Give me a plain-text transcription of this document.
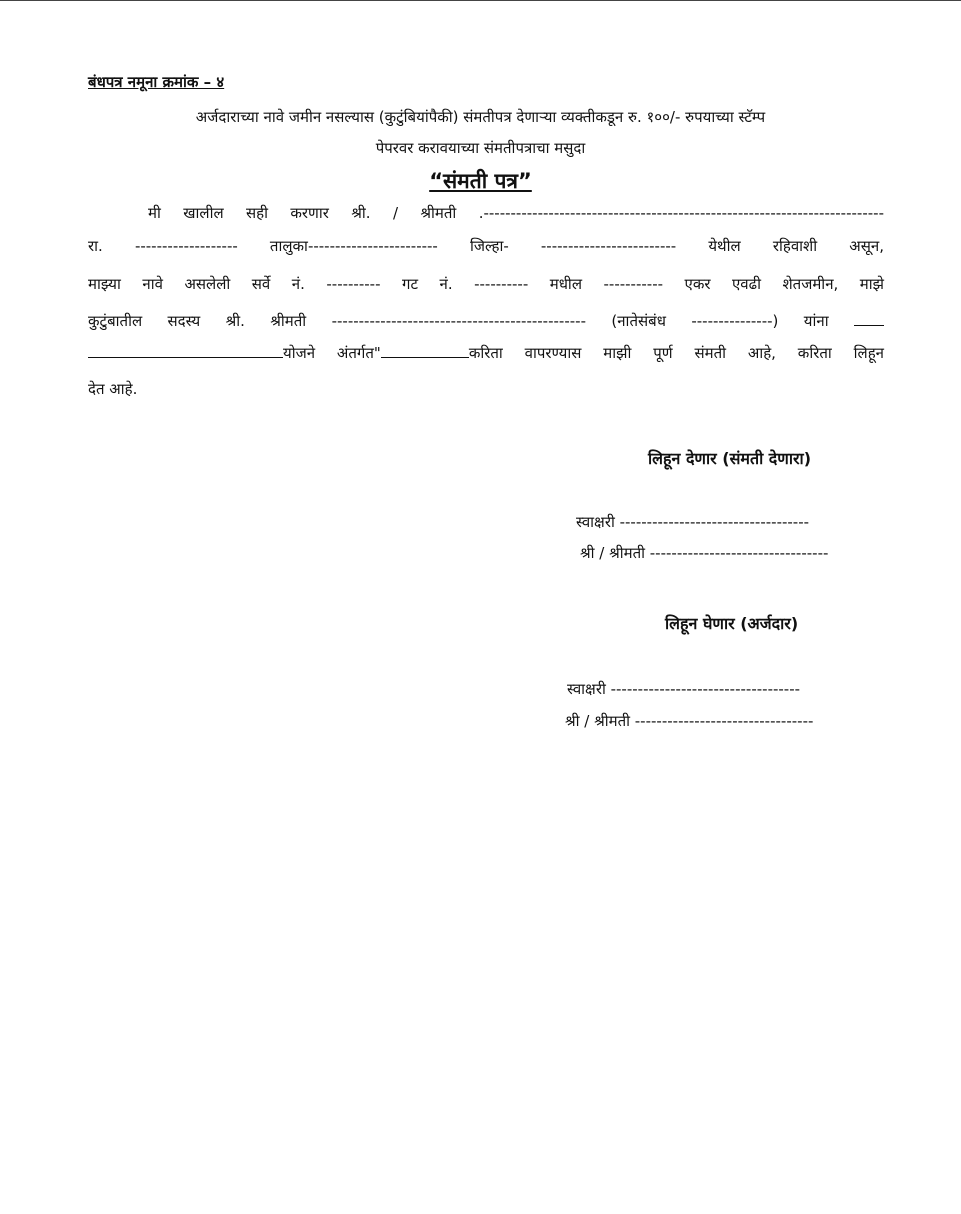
बंधपत्र नमूना क्रमांक – ४
अर्जदाराच्या नावे जमीन नसल्यास (कुटुंबियांपैकी) संमतीपत्र देणाऱ्या व्यक्तीकडून रु. १००/- रुपयाच्या स्टॅम्प
पेपरवर करावयाच्या संमतीपत्राचा मसुदा
“संमती पत्र”
मी खालील सही करणार श्री. / श्रीमती .--------------------------------------------------------------------------
रा. ------------------- तालुका------------------------ जिल्हा- ------------------------- येथील रहिवाशी असून,
माझ्या नावे असलेली सर्वे नं. ---------- गट नं. ---------- मधील ----------- एकर एवढी शेतजमीन, माझे
कुटुंबातील सदस्य श्री. श्रीमती ----------------------------------------------- (नातेसंबंध ---------------) यांना
योजने अंतर्गत"	करिता वापरण्यास माझी पूर्ण संमती आहे, करिता लिहून
देत आहे.
लिहून देणार (संमती देणारा)
स्वाक्षरी -----------------------------------
श्री / श्रीमती ---------------------------------
लिहून घेणार (अर्जदार)
स्वाक्षरी -----------------------------------
श्री / श्रीमती ---------------------------------
